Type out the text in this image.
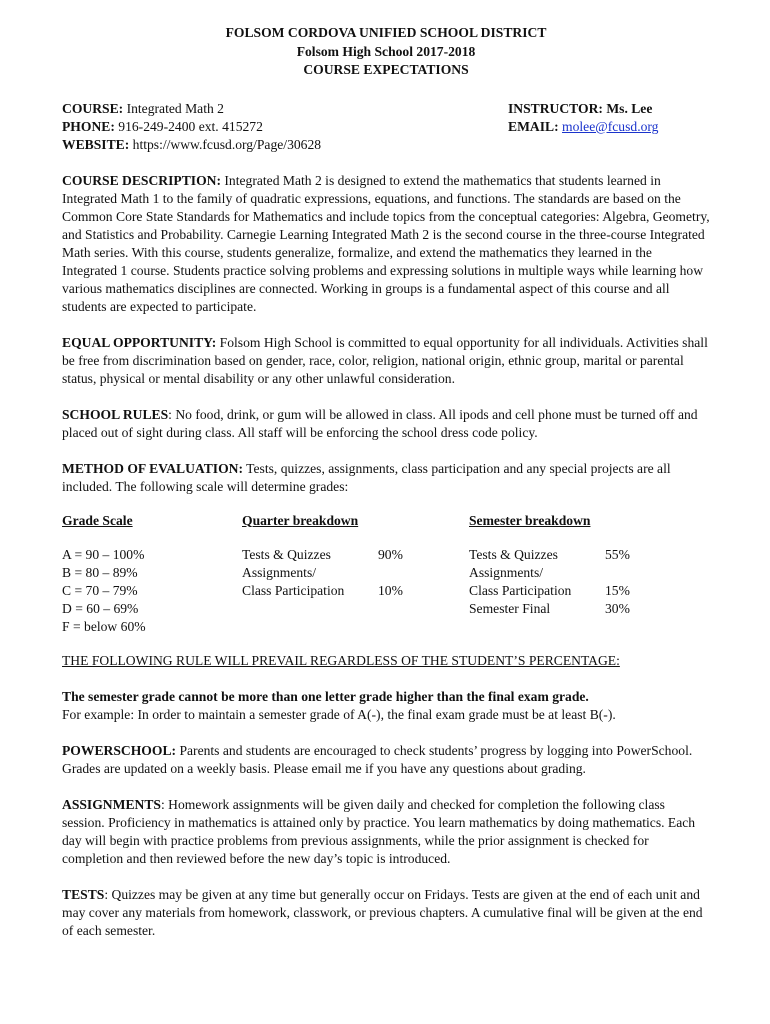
FOLSOM CORDOVA UNIFIED SCHOOL DISTRICT
Folsom High School 2017-2018
COURSE EXPECTATIONS
COURSE: Integrated Math 2
PHONE: 916-249-2400 ext. 415272
WEBSITE: https://www.fcusd.org/Page/30628
INSTRUCTOR: Ms. Lee
EMAIL: molee@fcusd.org

COURSE DESCRIPTION: Integrated Math 2 is designed to extend the mathematics that students learned in Integrated Math 1 to the family of quadratic expressions, equations, and functions. The standards are based on the Common Core State Standards for Mathematics and include topics from the conceptual categories: Algebra, Geometry, and Statistics and Probability. Carnegie Learning Integrated Math 2 is the second course in the three-course Integrated Math series. With this course, students generalize, formalize, and extend the mathematics they learned in the Integrated 1 course. Students practice solving problems and expressing solutions in multiple ways while learning how various mathematics disciplines are connected. Working in groups is a fundamental aspect of this course and all students are expected to participate.

EQUAL OPPORTUNITY: Folsom High School is committed to equal opportunity for all individuals. Activities shall be free from discrimination based on gender, race, color, religion, national origin, ethnic group, marital or parental status, physical or mental disability or any other unlawful consideration.

SCHOOL RULES: No food, drink, or gum will be allowed in class. All ipods and cell phone must be turned off and placed out of sight during class. All staff will be enforcing the school dress code policy.

METHOD OF EVALUATION: Tests, quizzes, assignments, class participation and any special projects are all included. The following scale will determine grades:

Grade Scale
A = 90 – 100%
B = 80 – 89%
C = 70 – 79%
D = 60 – 69%
F = below 60%
Quarter breakdown
Tests & Quizzes	90%
Assignments/
Class Participation	10%
Semester breakdown
Tests & Quizzes	55%
Assignments/
Class Participation	15%
Semester Final	30%

THE FOLLOWING RULE WILL PREVAIL REGARDLESS OF THE STUDENT’S PERCENTAGE:

The semester grade cannot be more than one letter grade higher than the final exam grade.
For example: In order to maintain a semester grade of A(-), the final exam grade must be at least B(-).

POWERSCHOOL: Parents and students are encouraged to check students’ progress by logging into PowerSchool. Grades are updated on a weekly basis. Please email me if you have any questions about grading.

ASSIGNMENTS: Homework assignments will be given daily and checked for completion the following class session. Proficiency in mathematics is attained only by practice. You learn mathematics by doing mathematics. Each day will begin with practice problems from previous assignments, while the prior assignment is checked for completion and then reviewed before the new day’s topic is introduced.

TESTS: Quizzes may be given at any time but generally occur on Fridays. Tests are given at the end of each unit and may cover any materials from homework, classwork, or previous chapters. A cumulative final will be given at the end of each semester.
